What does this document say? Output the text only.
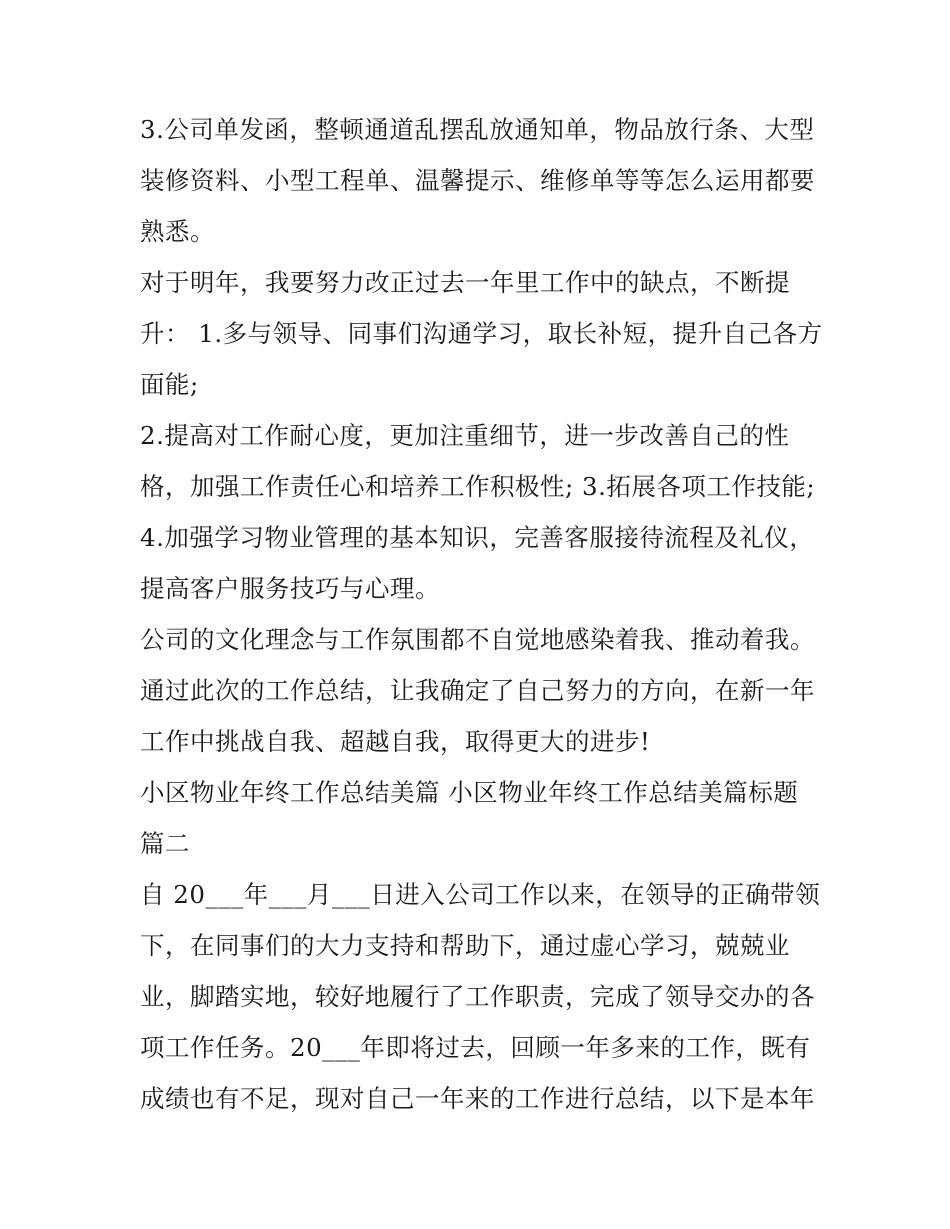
3.公司单发函，整顿通道乱摆乱放通知单，物品放行条、大型
装修资料、小型工程单、温馨提示、维修单等等怎么运用都要
熟悉。
对于明年，我要努力改正过去一年里工作中的缺点，不断提
升： 1.多与领导、同事们沟通学习，取长补短，提升自己各方
面能;
2.提高对工作耐心度，更加注重细节，进一步改善自己的性
格，加强工作责任心和培养工作积极性; 3.拓展各项工作技能;
4.加强学习物业管理的基本知识，完善客服接待流程及礼仪，
提高客户服务技巧与心理。
公司的文化理念与工作氛围都不自觉地感染着我、推动着我。
通过此次的工作总结，让我确定了自己努力的方向，在新一年
工作中挑战自我、超越自我，取得更大的进步!
小区物业年终工作总结美篇 小区物业年终工作总结美篇标题
篇二
自 20___年___月___日进入公司工作以来，在领导的正确带领
下，在同事们的大力支持和帮助下，通过虚心学习，兢兢业
业，脚踏实地，较好地履行了工作职责，完成了领导交办的各
项工作任务。20___年即将过去，回顾一年多来的工作，既有
成绩也有不足，现对自己一年来的工作进行总结，以下是本年
